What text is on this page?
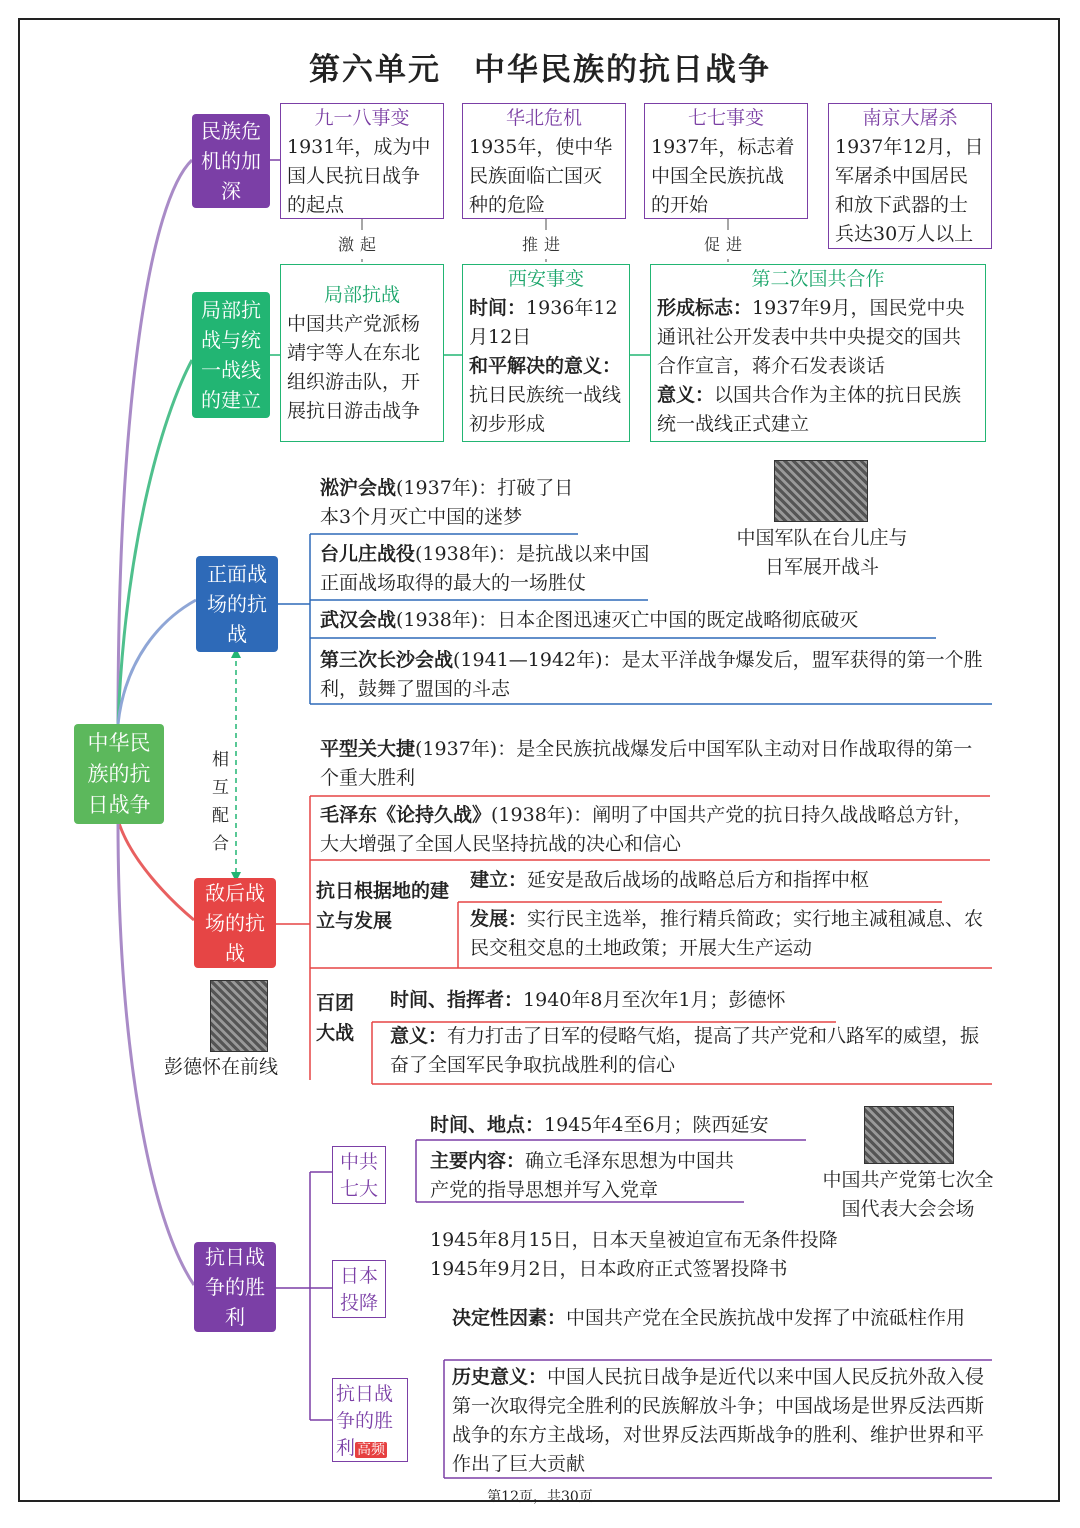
第六单元　中华民族的抗日战争
中华民族的抗日战争
民族危机的加深
九一八事变
1931年，成为中国人民抗日战争的起点
华北危机
1935年，使中华民族面临亡国灭种的危险
七七事变
1937年，标志着中国全民族抗战的开始
南京大屠杀
1937年12月，日军屠杀中国居民和放下武器的士兵达30万人以上
激起	推进	促进
局部抗战与统一战线的建立
局部抗战
中国共产党派杨靖宇等人在东北组织游击队，开展抗日游击战争
西安事变
时间：1936年12月12日
和平解决的意义：抗日民族统一战线初步形成
第二次国共合作
形成标志：1937年9月，国民党中央通讯社公开发表中共中央提交的国共合作宣言，蒋介石发表谈话
意义：以国共合作为主体的抗日民族统一战线正式建立
正面战场的抗战
淞沪会战(1937年)：打破了日本3个月灭亡中国的迷梦
台儿庄战役(1938年)：是抗战以来中国正面战场取得的最大的一场胜仗
武汉会战(1938年)：日本企图迅速灭亡中国的既定战略彻底破灭
第三次长沙会战(1941—1942年)：是太平洋战争爆发后，盟军获得的第一个胜利，鼓舞了盟国的斗志
中国军队在台儿庄与日军展开战斗
相互配合
敌后战场的抗战
平型关大捷(1937年)：是全民族抗战爆发后中国军队主动对日作战取得的第一个重大胜利
毛泽东《论持久战》(1938年)：阐明了中国共产党的抗日持久战战略总方针，大大增强了全国人民坚持抗战的决心和信心
抗日根据地的建立与发展
建立：延安是敌后战场的战略总后方和指挥中枢
发展：实行民主选举，推行精兵简政；实行地主减租减息、农民交租交息的土地政策；开展大生产运动
百团大战
时间、指挥者：1940年8月至次年1月；彭德怀
意义：有力打击了日军的侵略气焰，提高了共产党和八路军的威望，振奋了全国军民争取抗战胜利的信心
彭德怀在前线
抗日战争的胜利
中共七大
时间、地点：1945年4至6月；陕西延安
主要内容：确立毛泽东思想为中国共产党的指导思想并写入党章	中国共产党第七次全国代表大会会场
日本投降
1945年8月15日，日本天皇被迫宣布无条件投降
1945年9月2日，日本政府正式签署投降书
抗日战争的胜利 高频
决定性因素：中国共产党在全民族抗战中发挥了中流砥柱作用
历史意义：中国人民抗日战争是近代以来中国人民反抗外敌入侵第一次取得完全胜利的民族解放斗争；中国战场是世界反法西斯战争的东方主战场，对世界反法西斯战争的胜利、维护世界和平作出了巨大贡献
第12页，共30页
